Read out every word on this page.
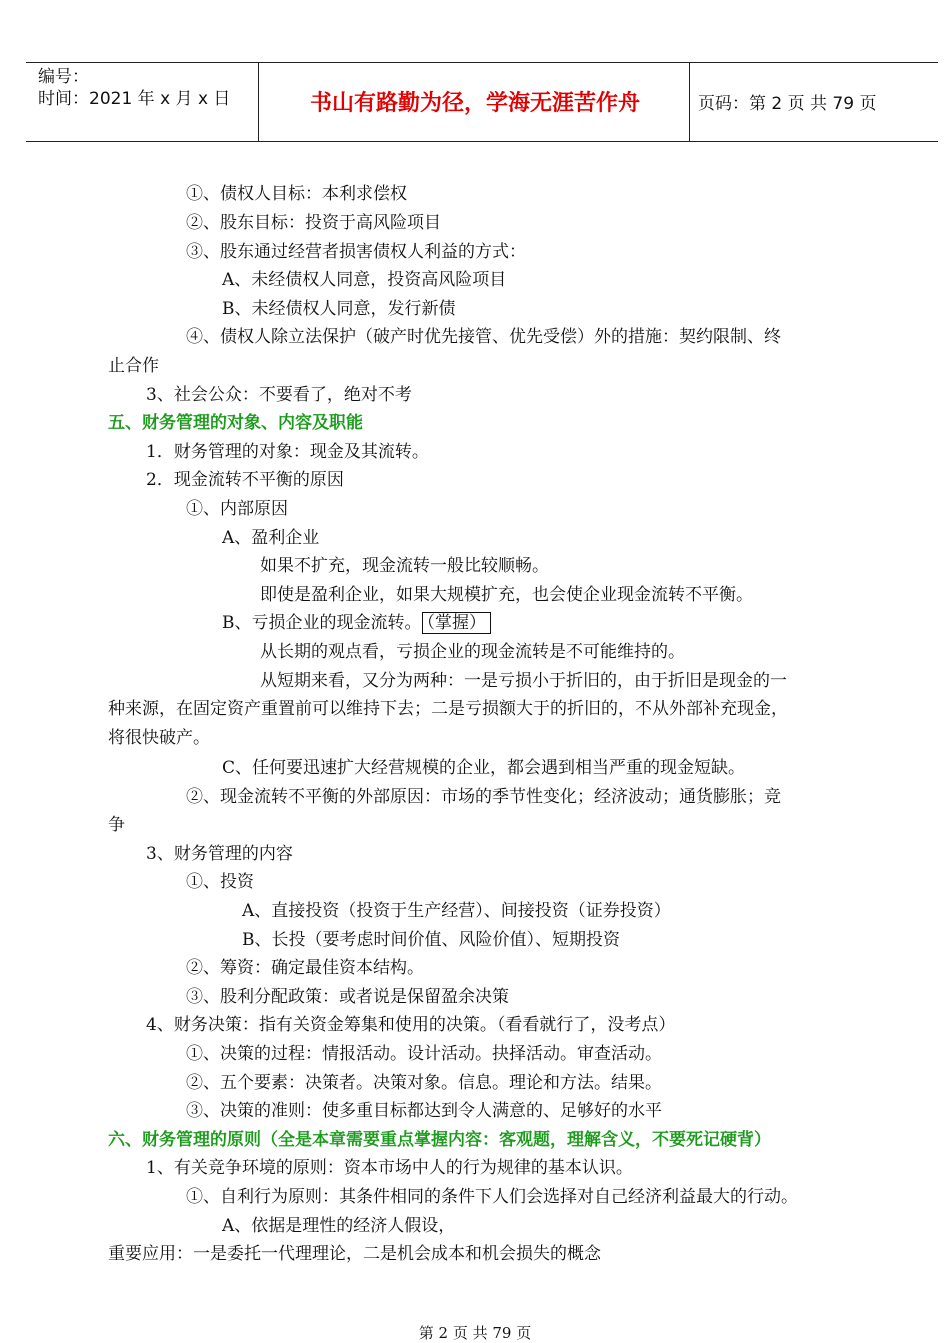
编号：
时间：2021 年 x 月 x 日	书山有路勤为径，学海无涯苦作舟	页码：第 2 页 共 79 页
①、债权人目标：本利求偿权
②、股东目标：投资于高风险项目
③、股东通过经营者损害债权人利益的方式：
A、未经债权人同意，投资高风险项目
B、未经债权人同意，发行新债
④、债权人除立法保护（破产时优先接管、优先受偿）外的措施：契约限制、终
止合作
3、社会公众：不要看了，绝对不考
五、财务管理的对象、内容及职能
1．财务管理的对象：现金及其流转。
2．现金流转不平衡的原因
①、内部原因
A、盈利企业
如果不扩充，现金流转一般比较顺畅。
即使是盈利企业，如果大规模扩充，也会使企业现金流转不平衡。
B、亏损企业的现金流转。 （掌握）
从长期的观点看，亏损企业的现金流转是不可能维持的。
从短期来看，又分为两种：一是亏损小于折旧的，由于折旧是现金的一
种来源，在固定资产重置前可以维持下去；二是亏损额大于的折旧的，不从外部补充现金，
将很快破产。
C、任何要迅速扩大经营规模的企业，都会遇到相当严重的现金短缺。
②、现金流转不平衡的外部原因：市场的季节性变化；经济波动；通货膨胀；竞
争
3、财务管理的内容
①、投资
A、直接投资（投资于生产经营）、间接投资（证券投资）
B、长投（要考虑时间价值、风险价值）、短期投资
②、筹资：确定最佳资本结构。
③、股利分配政策：或者说是保留盈余决策
4、财务决策：指有关资金筹集和使用的决策。（看看就行了，没考点）
①、决策的过程：情报活动。设计活动。抉择活动。审查活动。
②、五个要素：决策者。决策对象。信息。理论和方法。结果。
③、决策的准则：使多重目标都达到令人满意的、足够好的水平
六、财务管理的原则（全是本章需要重点掌握内容：客观题，理解含义，不要死记硬背）
1、有关竞争环境的原则：资本市场中人的行为规律的基本认识。
①、自利行为原则：其条件相同的条件下人们会选择对自己经济利益最大的行动。
A、依据是理性的经济人假设，
重要应用：一是委托一代理理论，二是机会成本和机会损失的概念
第 2 页 共 79 页
